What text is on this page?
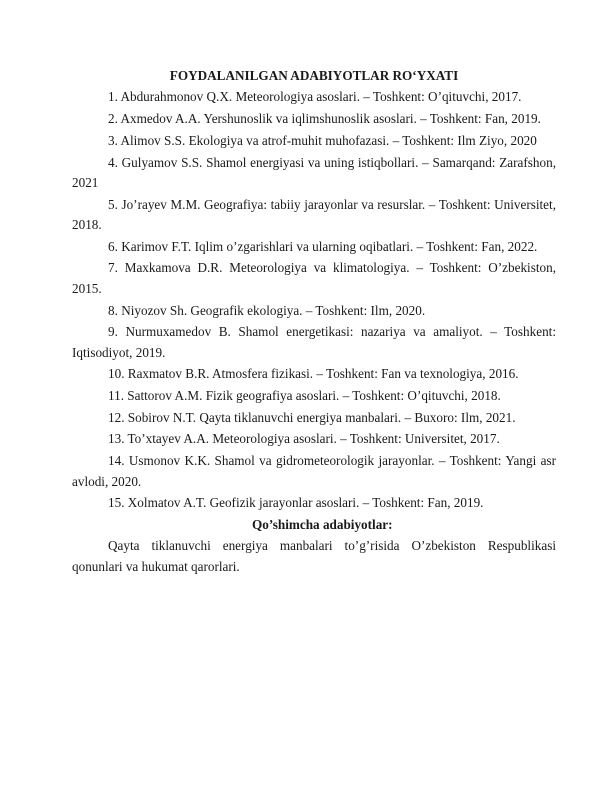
FOYDALANILGAN ADABIYOTLAR RO‘YXATI
1. Abdurahmonov Q.X. Meteorologiya asoslari. – Toshkent: O’qituvchi, 2017.
2. Axmedov A.A. Yershunoslik va iqlimshunoslik asoslari. – Toshkent: Fan, 2019.
3. Alimov S.S. Ekologiya va atrof-muhit muhofazasi. – Toshkent: Ilm Ziyo, 2020
4. Gulyamov S.S. Shamol energiyasi va uning istiqbollari. – Samarqand: Zarafshon, 2021
5. Jo’rayev M.M. Geografiya: tabiiy jarayonlar va resurslar. – Toshkent: Universitet, 2018.
6. Karimov F.T. Iqlim o’zgarishlari va ularning oqibatlari. – Toshkent: Fan, 2022.
7. Maxkamova D.R. Meteorologiya va klimatologiya. – Toshkent: O’zbekiston, 2015.
8. Niyozov Sh. Geografik ekologiya. – Toshkent: Ilm, 2020.
9. Nurmuxamedov B. Shamol energetikasi: nazariya va amaliyot. – Toshkent: Iqtisodiyot, 2019.
10. Raxmatov B.R. Atmosfera fizikasi. – Toshkent: Fan va texnologiya, 2016.
11. Sattorov A.M. Fizik geografiya asoslari. – Toshkent: O’qituvchi, 2018.
12. Sobirov N.T. Qayta tiklanuvchi energiya manbalari. – Buxoro: Ilm, 2021.
13. To’xtayev A.A. Meteorologiya asoslari. – Toshkent: Universitet, 2017.
14. Usmonov K.K. Shamol va gidrometeorologik jarayonlar. – Toshkent: Yangi asr avlodi, 2020.
15. Xolmatov A.T. Geofizik jarayonlar asoslari. – Toshkent: Fan, 2019.
Qo’shimcha adabiyotlar:
Qayta tiklanuvchi energiya manbalari to’g’risida O’zbekiston Respublikasi qonunlari va hukumat qarorlari.
